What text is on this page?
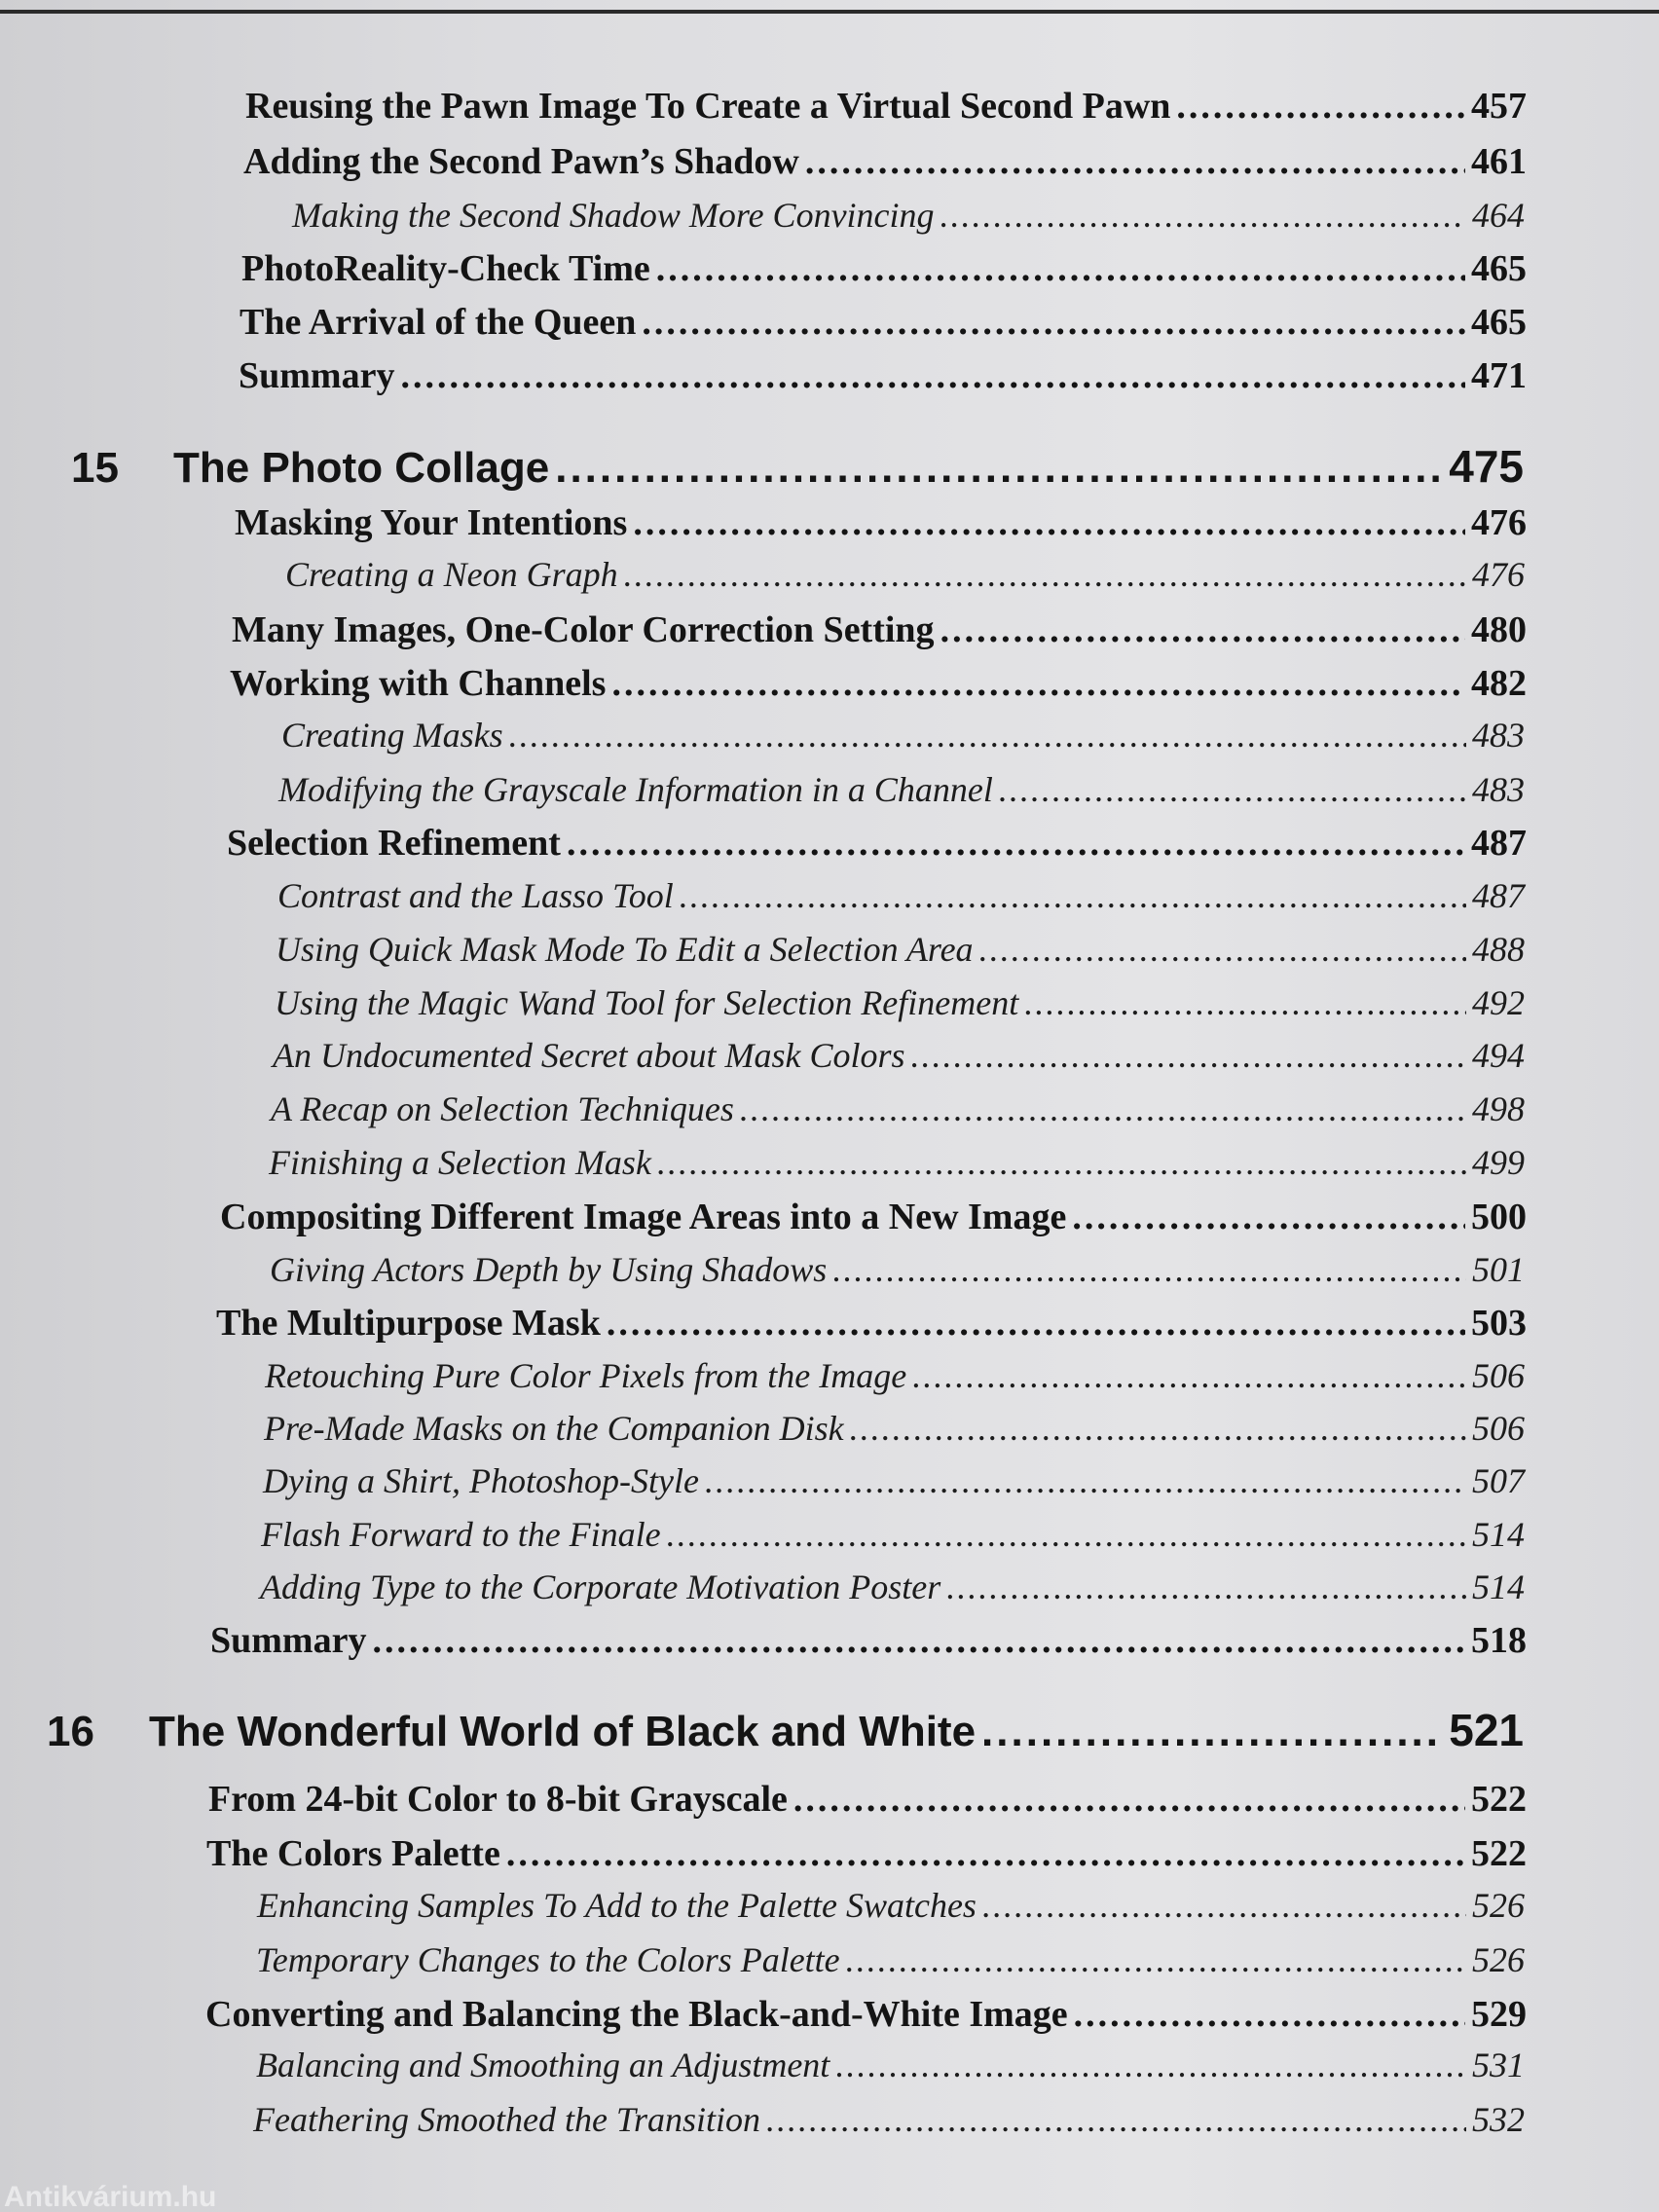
Reusing the Pawn Image To Create a Virtual Second Pawn .....	457
Adding the Second Pawn’s Shadow .....	461
Making the Second Shadow More Convincing .....	464
PhotoReality-Check Time .....	465
The Arrival of the Queen .....	465
Summary .....	471
15 The Photo Collage .....	475
Masking Your Intentions .....	476
Creating a Neon Graph .....	476
Many Images, One-Color Correction Setting .....	480
Working with Channels .....	482
Creating Masks .....	483
Modifying the Grayscale Information in a Channel .....	483
Selection Refinement .....	487
Contrast and the Lasso Tool .....	487
Using Quick Mask Mode To Edit a Selection Area .....	488
Using the Magic Wand Tool for Selection Refinement .....	492
An Undocumented Secret about Mask Colors .....	494
A Recap on Selection Techniques .....	498
Finishing a Selection Mask .....	499
Compositing Different Image Areas into a New Image .....	500
Giving Actors Depth by Using Shadows .....	501
The Multipurpose Mask .....	503
Retouching Pure Color Pixels from the Image .....	506
Pre-Made Masks on the Companion Disk .....	506
Dying a Shirt, Photoshop-Style .....	507
Flash Forward to the Finale .....	514
Adding Type to the Corporate Motivation Poster .....	514
Summary .....	518
16 The Wonderful World of Black and White .....	521
From 24-bit Color to 8-bit Grayscale .....	522
The Colors Palette .....	522
Enhancing Samples To Add to the Palette Swatches .....	526
Temporary Changes to the Colors Palette .....	526
Converting and Balancing the Black-and-White Image .....	529
Balancing and Smoothing an Adjustment .....	531
Feathering Smoothed the Transition .....	532
Antikvárium.hu
